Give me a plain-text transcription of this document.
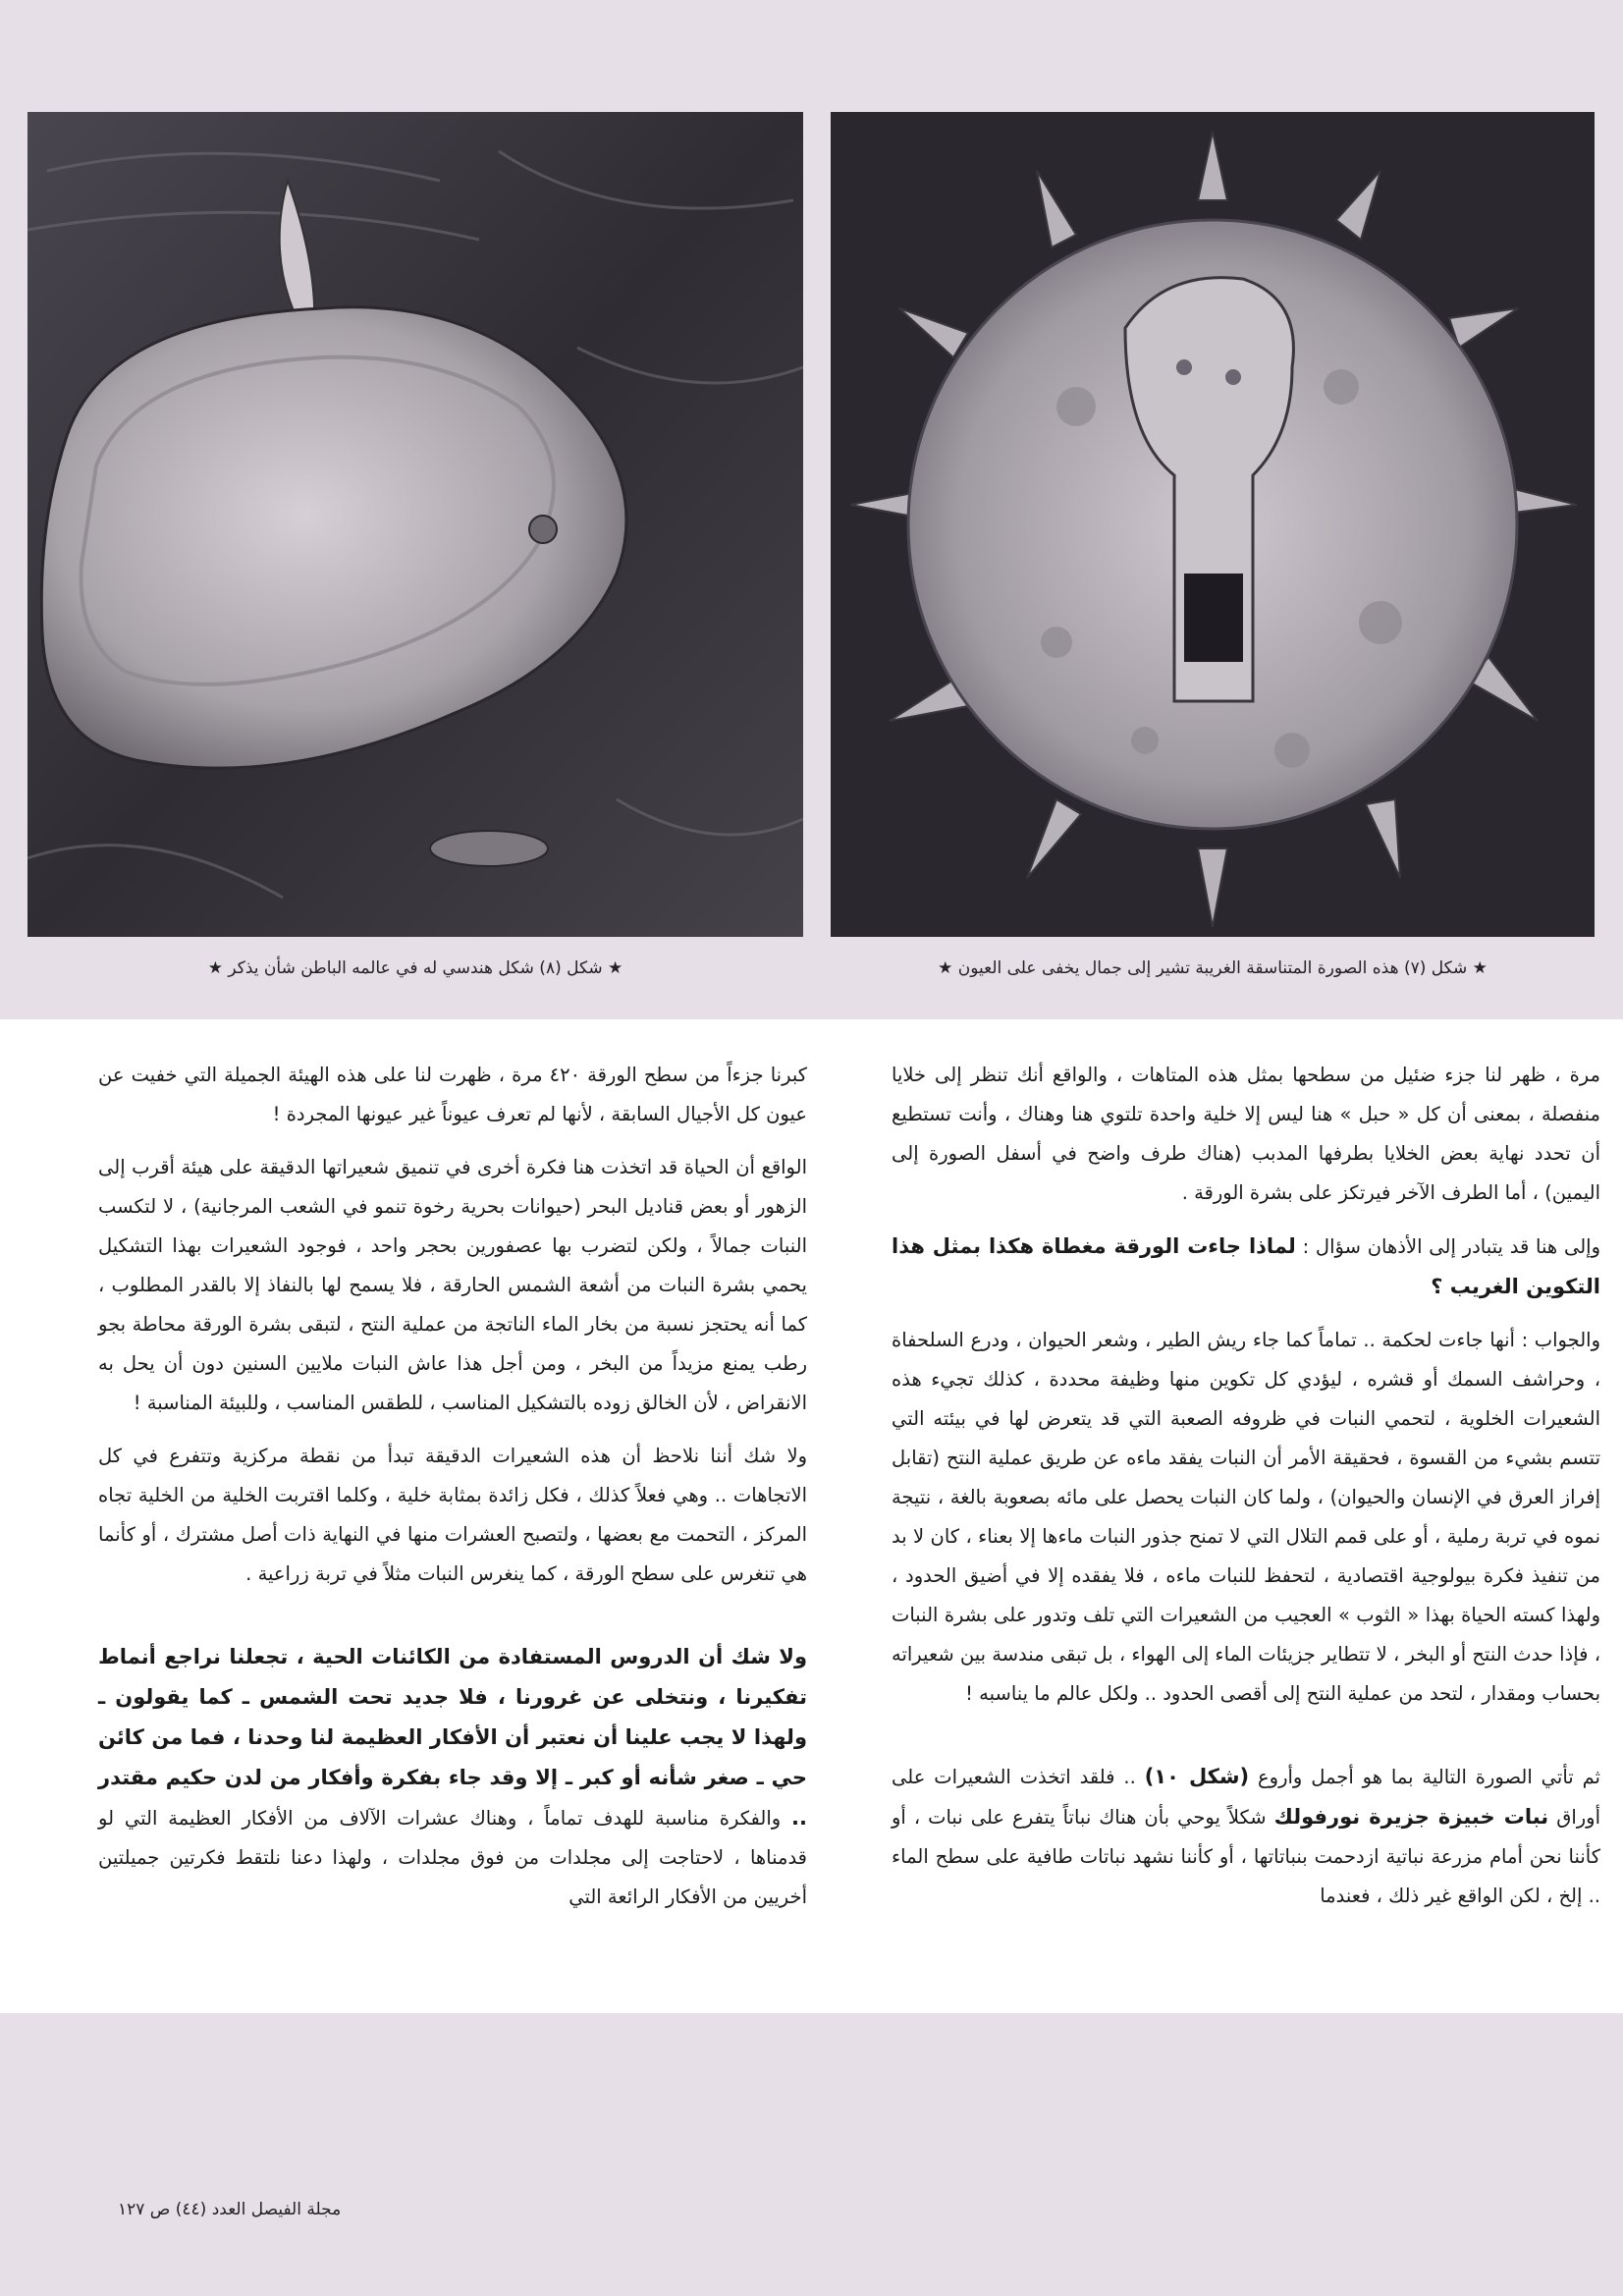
★ شكل (٨) شكل هندسي له في عالمه الباطن شأن يذكر ★	★ شكل (٧) هذه الصورة المتناسقة الغريبة تشير إلى جمال يخفى على العيون ★

مرة ، ظهر لنا جزء ضئيل من سطحها بمثل هذه المتاهات ، والواقع أنك تنظر إلى خلايا منفصلة ، بمعنى أن كل « حبل » هنا ليس إلا خلية واحدة تلتوي هنا وهناك ، وأنت تستطيع أن تحدد نهاية بعض الخلايا بطرفها المدبب (هناك طرف واضح في أسفل الصورة إلى اليمين) ، أما الطرف الآخر فيرتكز على بشرة الورقة .

وإلى هنا قد يتبادر إلى الأذهان سؤال : لماذا جاءت الورقة مغطاة هكذا بمثل هذا التكوين الغريب ؟

والجواب : أنها جاءت لحكمة .. تماماً كما جاء ريش الطير ، وشعر الحيوان ، ودرع السلحفاة ، وحراشف السمك أو قشره ، ليؤدي كل تكوين منها وظيفة محددة ، كذلك تجيء هذه الشعيرات الخلوية ، لتحمي النبات في ظروفه الصعبة التي قد يتعرض لها في بيئته التي تتسم بشيء من القسوة ، فحقيقة الأمر أن النبات يفقد ماءه عن طريق عملية النتح (تقابل إفراز العرق في الإنسان والحيوان) ، ولما كان النبات يحصل على مائه بصعوبة بالغة ، نتيجة نموه في تربة رملية ، أو على قمم التلال التي لا تمنح جذور النبات ماءها إلا بعناء ، كان لا بد من تنفيذ فكرة بيولوجية اقتصادية ، لتحفظ للنبات ماءه ، فلا يفقده إلا في أضيق الحدود ، ولهذا كسته الحياة بهذا « الثوب » العجيب من الشعيرات التي تلف وتدور على بشرة النبات ، فإذا حدث النتح أو البخر ، لا تتطاير جزيئات الماء إلى الهواء ، بل تبقى مندسة بين شعيراته بحساب ومقدار ، لتحد من عملية النتح إلى أقصى الحدود .. ولكل عالم ما يناسبه !

ثم تأتي الصورة التالية بما هو أجمل وأروع (شكل ١٠) .. فلقد اتخذت الشعيرات على أوراق نبات خبيزة جزيرة نورفولك شكلاً يوحي بأن هناك نباتاً يتفرع على نبات ، أو كأننا نحن أمام مزرعة نباتية ازدحمت بنباتاتها ، أو كأننا نشهد نباتات طافية على سطح الماء .. إلخ ، لكن الواقع غير ذلك ، فعندما

كبرنا جزءاً من سطح الورقة ٤٢٠ مرة ، ظهرت لنا على هذه الهيئة الجميلة التي خفيت عن عيون كل الأجيال السابقة ، لأنها لم تعرف عيوناً غير عيونها المجردة !

الواقع أن الحياة قد اتخذت هنا فكرة أخرى في تنميق شعيراتها الدقيقة على هيئة أقرب إلى الزهور أو بعض قناديل البحر (حيوانات بحرية رخوة تنمو في الشعب المرجانية) ، لا لتكسب النبات جمالاً ، ولكن لتضرب بها عصفورين بحجر واحد ، فوجود الشعيرات بهذا التشكيل يحمي بشرة النبات من أشعة الشمس الحارقة ، فلا يسمح لها بالنفاذ إلا بالقدر المطلوب ، كما أنه يحتجز نسبة من بخار الماء الناتجة من عملية النتح ، لتبقى بشرة الورقة محاطة بجو رطب يمنع مزيداً من البخر ، ومن أجل هذا عاش النبات ملايين السنين دون أن يحل به الانقراض ، لأن الخالق زوده بالتشكيل المناسب ، للطقس المناسب ، وللبيئة المناسبة !

ولا شك أننا نلاحظ أن هذه الشعيرات الدقيقة تبدأ من نقطة مركزية وتتفرع في كل الاتجاهات .. وهي فعلاً كذلك ، فكل زائدة بمثابة خلية ، وكلما اقتربت الخلية من الخلية تجاه المركز ، التحمت مع بعضها ، ولتصبح العشرات منها في النهاية ذات أصل مشترك ، أو كأنما هي تنغرس على سطح الورقة ، كما ينغرس النبات مثلاً في تربة زراعية .

ولا شك أن الدروس المستفادة من الكائنات الحية ، تجعلنا نراجع أنماط تفكيرنا ، ونتخلى عن غرورنا ، فلا جديد تحت الشمس ـ كما يقولون ـ ولهذا لا يجب علينا أن نعتبر أن الأفكار العظيمة لنا وحدنا ، فما من كائن حي ـ صغر شأنه أو كبر ـ إلا وقد جاء بفكرة وأفكار من لدن حكيم مقتدر .. والفكرة مناسبة للهدف تماماً ، وهناك عشرات الآلاف من الأفكار العظيمة التي لو قدمناها ، لاحتاجت إلى مجلدات من فوق مجلدات ، ولهذا دعنا نلتقط فكرتين جميلتين أخريين من الأفكار الرائعة التي

مجلة الفيصل العدد (٤٤) ص ١٢٧
